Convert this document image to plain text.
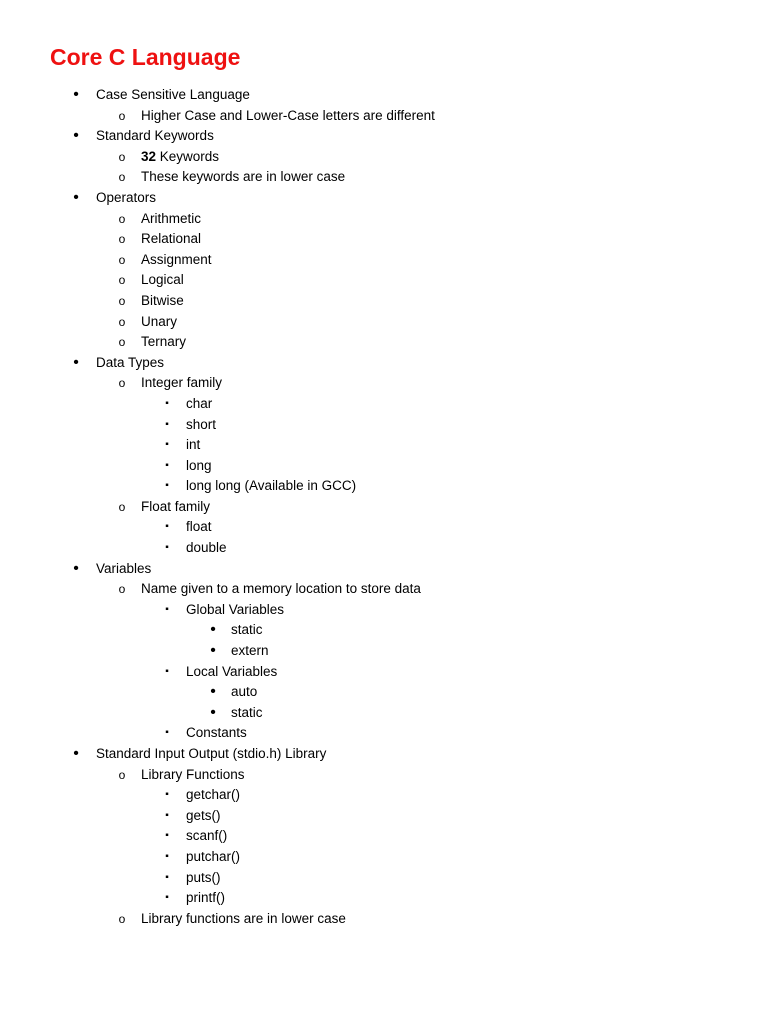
Core C Language
• Case Sensitive Language
o Higher Case and Lower-Case letters are different
• Standard Keywords
o 32 Keywords
o These keywords are in lower case
• Operators
o Arithmetic
o Relational
o Assignment
o Logical
o Bitwise
o Unary
o Ternary
• Data Types
o Integer family
▪	char
▪	short
▪	int
▪	long
▪	long long (Available in GCC)
o Float family
▪	float
▪	double
• Variables
o Name given to a memory location to store data
▪	Global Variables
• static
• extern
▪	Local Variables
• auto
• static
▪	Constants
• Standard Input Output (stdio.h) Library
o Library Functions
▪	getchar()
▪	gets()
▪	scanf()
▪	putchar()
▪	puts()
▪	printf()
o Library functions are in lower case
